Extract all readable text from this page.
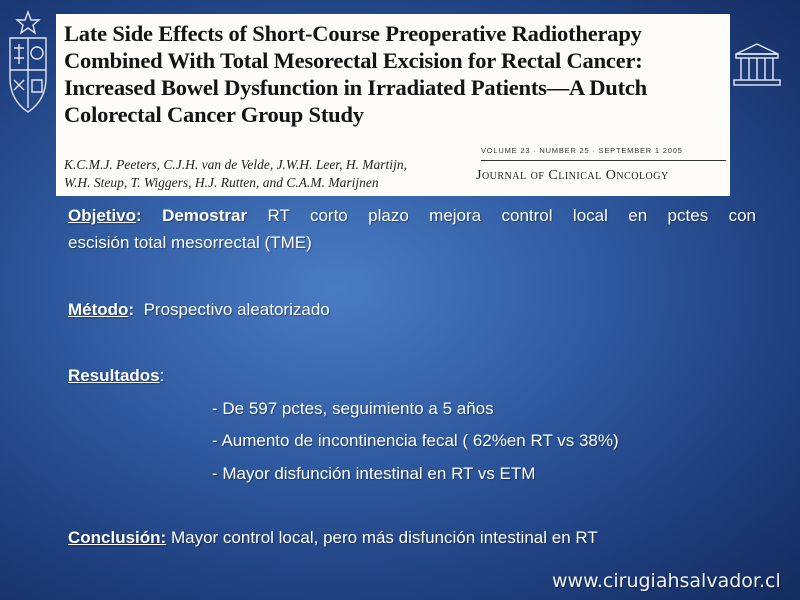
Late Side Effects of Short-Course Preoperative Radiotherapy Combined With Total Mesorectal Excision for Rectal Cancer: Increased Bowel Dysfunction in Irradiated Patients—A Dutch Colorectal Cancer Group Study
K.C.M.J. Peeters, C.J.H. van de Velde, J.W.H. Leer, H. Martijn,
W.H. Steup, T. Wiggers, H.J. Rutten, and C.A.M. Marijnen
VOLUME 23 · NUMBER 25 · SEPTEMBER 1 2005
Journal of Clinical Oncology
Objetivo: Demostrar RT corto plazo mejora control local en pctes con
escisión total mesorrectal (TME)
Método: Prospectivo aleatorizado
Resultados:
- De 597 pctes, seguimiento a 5 años
- Aumento de incontinencia fecal ( 62%en RT vs 38%)
- Mayor disfunción intestinal en RT vs ETM
Conclusión: Mayor control local, pero más disfunción intestinal en RT
www.cirugiahsalvador.cl
